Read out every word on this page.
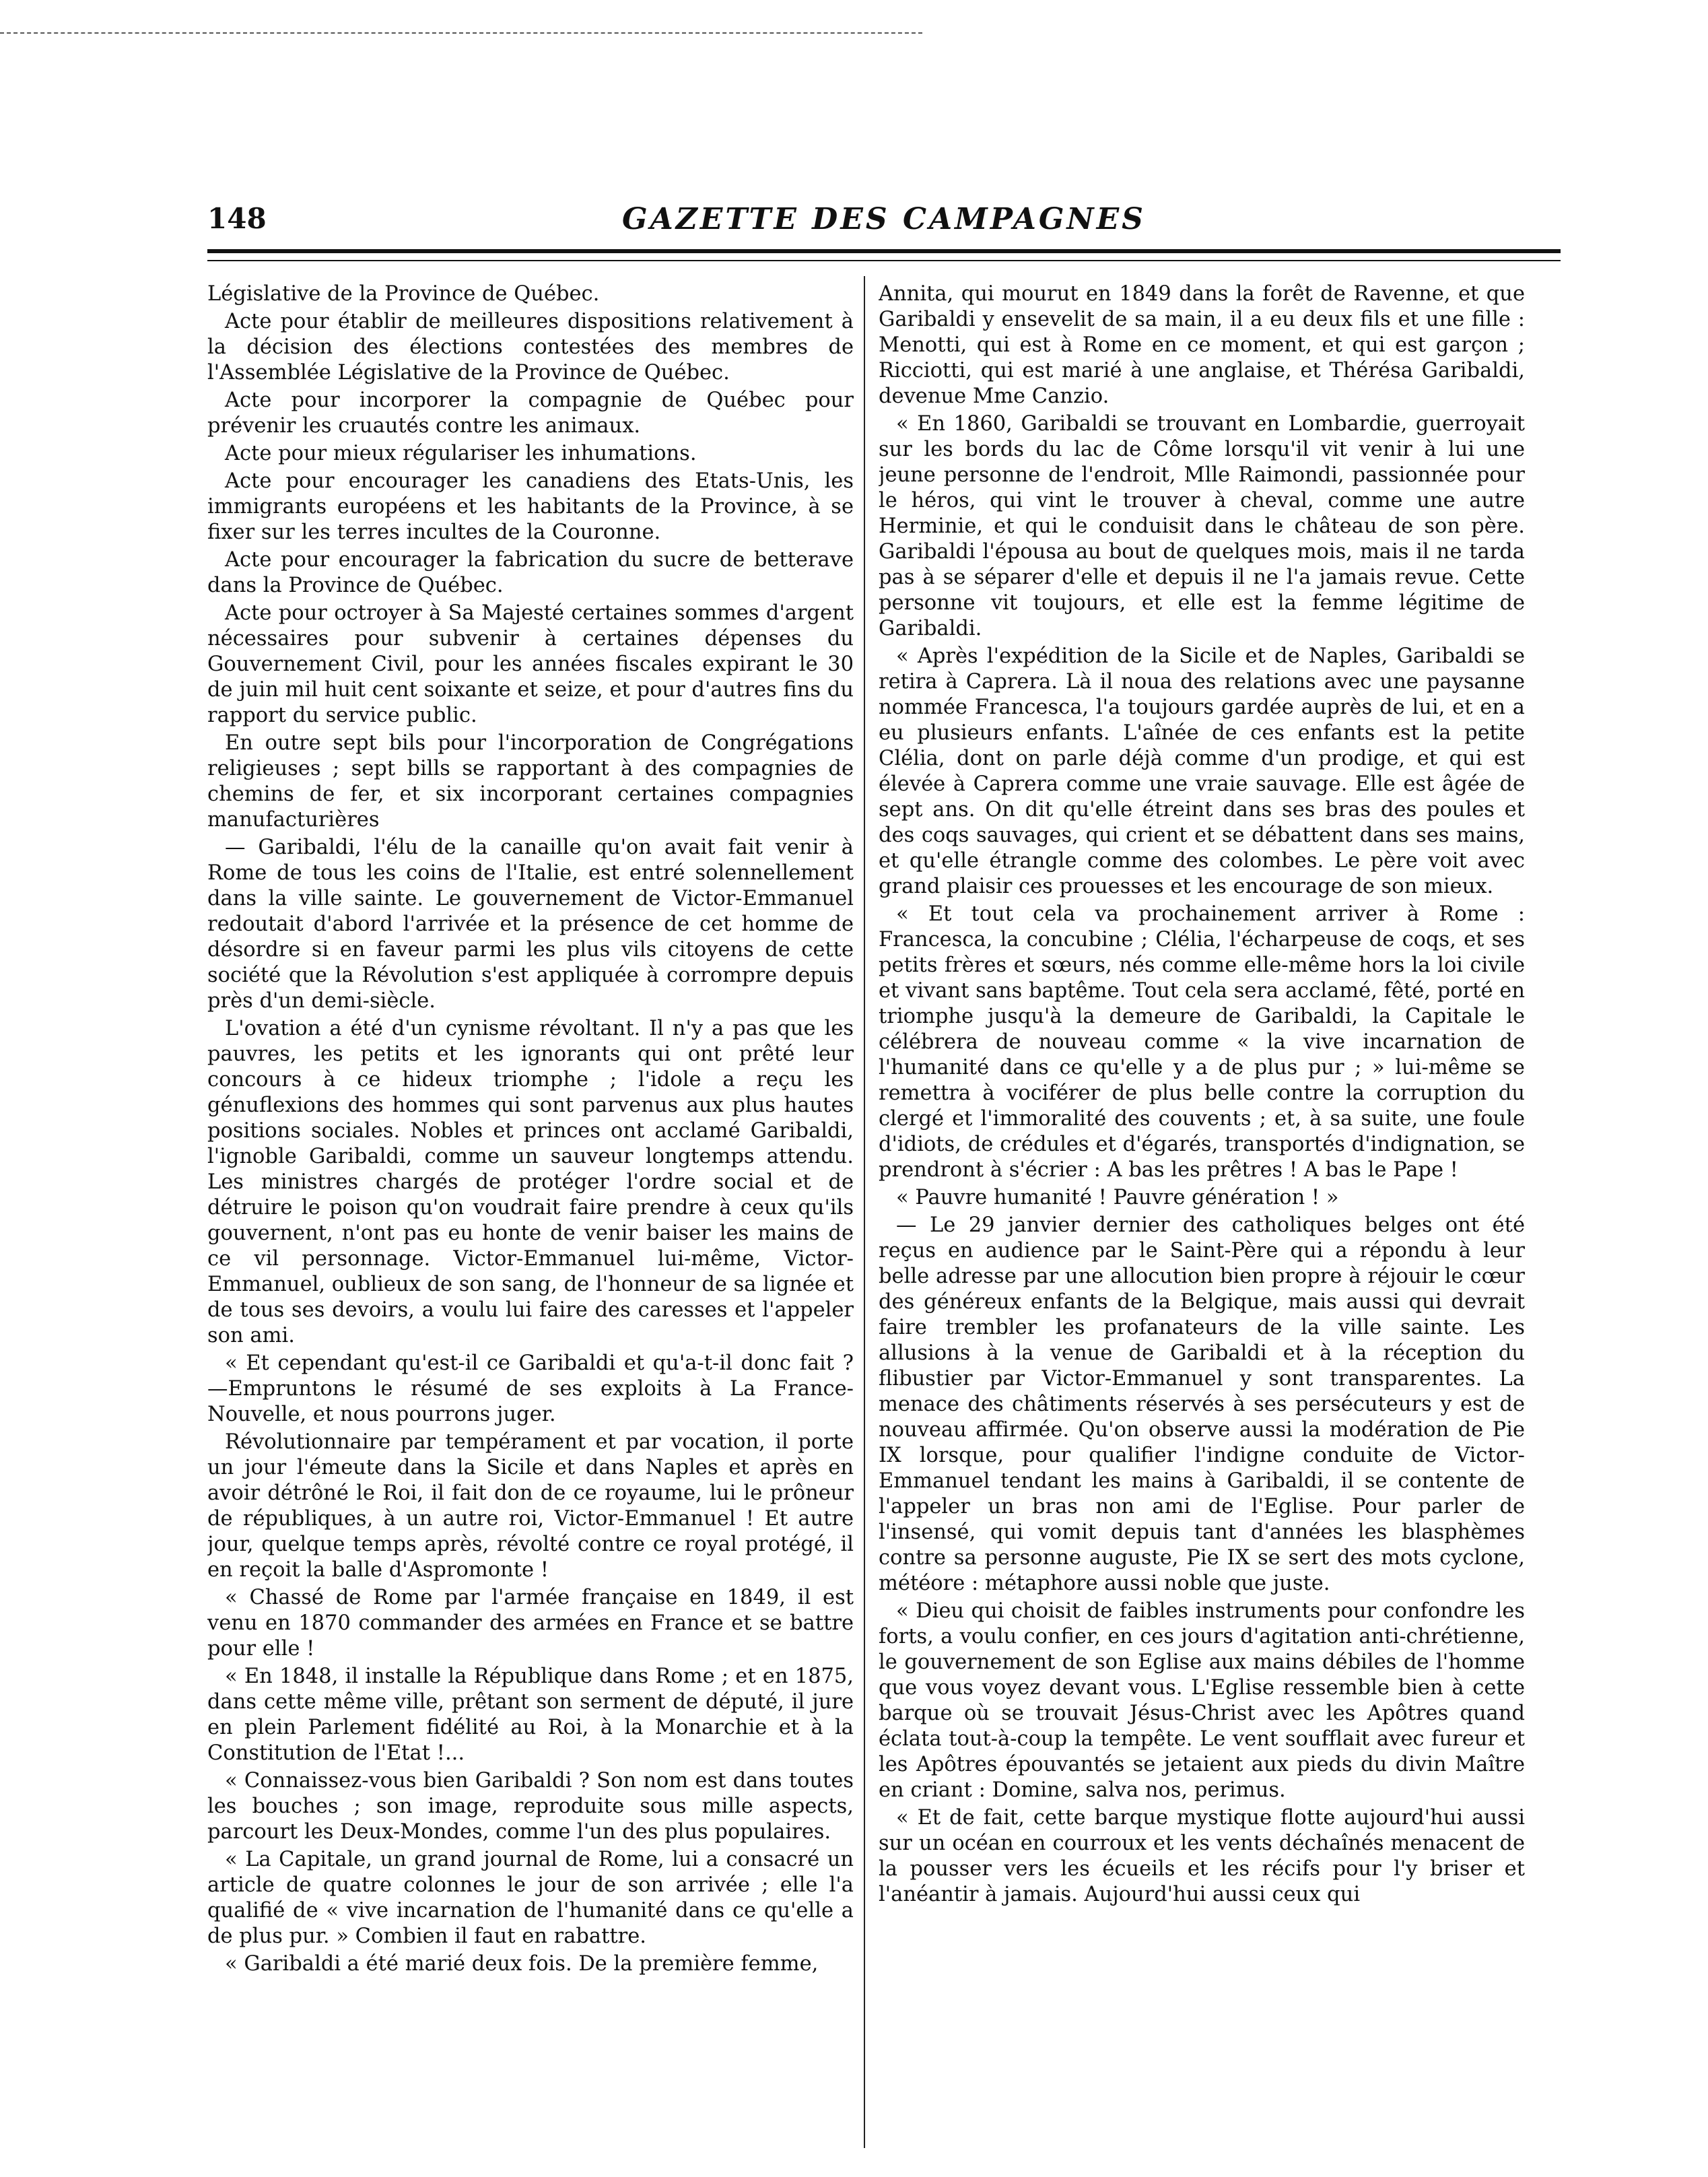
148	GAZETTE DES CAMPAGNES

Législative de la Province de Québec.

Acte pour établir de meilleures dispositions relativement à la décision des élections contestées des membres de l'Assemblée Législative de la Province de Québec.

Acte pour incorporer la compagnie de Québec pour prévenir les cruautés contre les animaux.

Acte pour mieux régulariser les inhumations.

Acte pour encourager les canadiens des Etats-Unis, les immigrants européens et les habitants de la Province, à se fixer sur les terres incultes de la Couronne.

Acte pour encourager la fabrication du sucre de betterave dans la Province de Québec.

Acte pour octroyer à Sa Majesté certaines sommes d'argent nécessaires pour subvenir à certaines dépenses du Gouvernement Civil, pour les années fiscales expirant le 30 de juin mil huit cent soixante et seize, et pour d'autres fins du rapport du service public.

En outre sept bils pour l'incorporation de Congrégations religieuses ; sept bills se rapportant à des compagnies de chemins de fer, et six incorporant certaines compagnies manufacturières

— Garibaldi, l'élu de la canaille qu'on avait fait venir à Rome de tous les coins de l'Italie, est entré solennellement dans la ville sainte. Le gouvernement de Victor-Emmanuel redoutait d'abord l'arrivée et la présence de cet homme de désordre si en faveur parmi les plus vils citoyens de cette société que la Révolution s'est appliquée à corrompre depuis près d'un demi-siècle.

L'ovation a été d'un cynisme révoltant. Il n'y a pas que les pauvres, les petits et les ignorants qui ont prêté leur concours à ce hideux triomphe ; l'idole a reçu les génuflexions des hommes qui sont parvenus aux plus hautes positions sociales. Nobles et princes ont acclamé Garibaldi, l'ignoble Garibaldi, comme un sauveur longtemps attendu. Les ministres chargés de protéger l'ordre social et de détruire le poison qu'on voudrait faire prendre à ceux qu'ils gouvernent, n'ont pas eu honte de venir baiser les mains de ce vil personnage. Victor-Emmanuel lui-même, Victor-Emmanuel, oublieux de son sang, de l'honneur de sa lignée et de tous ses devoirs, a voulu lui faire des caresses et l'appeler son ami.

« Et cependant qu'est-il ce Garibaldi et qu'a-t-il donc fait ? —Empruntons le résumé de ses exploits à La France-Nouvelle, et nous pourrons juger.

Révolutionnaire par tempérament et par vocation, il porte un jour l'émeute dans la Sicile et dans Naples et après en avoir détrôné le Roi, il fait don de ce royaume, lui le prôneur de républiques, à un autre roi, Victor-Emmanuel ! Et autre jour, quelque temps après, révolté contre ce royal protégé, il en reçoit la balle d'Aspromonte !

« Chassé de Rome par l'armée française en 1849, il est venu en 1870 commander des armées en France et se battre pour elle !

« En 1848, il installe la République dans Rome ; et en 1875, dans cette même ville, prêtant son serment de député, il jure en plein Parlement fidélité au Roi, à la Monarchie et à la Constitution de l'Etat !...

« Connaissez-vous bien Garibaldi ? Son nom est dans toutes les bouches ; son image, reproduite sous mille aspects, parcourt les Deux-Mondes, comme l'un des plus populaires.

« La Capitale, un grand journal de Rome, lui a consacré un article de quatre colonnes le jour de son arrivée ; elle l'a qualifié de « vive incarnation de l'humanité dans ce qu'elle a de plus pur. » Combien il faut en rabattre.

« Garibaldi a été marié deux fois. De la première femme,

Annita, qui mourut en 1849 dans la forêt de Ravenne, et que Garibaldi y ensevelit de sa main, il a eu deux fils et une fille : Menotti, qui est à Rome en ce moment, et qui est garçon ; Ricciotti, qui est marié à une anglaise, et Thérésa Garibaldi, devenue Mme Canzio.

« En 1860, Garibaldi se trouvant en Lombardie, guerroyait sur les bords du lac de Côme lorsqu'il vit venir à lui une jeune personne de l'endroit, Mlle Raimondi, passionnée pour le héros, qui vint le trouver à cheval, comme une autre Herminie, et qui le conduisit dans le château de son père. Garibaldi l'épousa au bout de quelques mois, mais il ne tarda pas à se séparer d'elle et depuis il ne l'a jamais revue. Cette personne vit toujours, et elle est la femme légitime de Garibaldi.

« Après l'expédition de la Sicile et de Naples, Garibaldi se retira à Caprera. Là il noua des relations avec une paysanne nommée Francesca, l'a toujours gardée auprès de lui, et en a eu plusieurs enfants. L'aînée de ces enfants est la petite Clélia, dont on parle déjà comme d'un prodige, et qui est élevée à Caprera comme une vraie sauvage. Elle est âgée de sept ans. On dit qu'elle étreint dans ses bras des poules et des coqs sauvages, qui crient et se débattent dans ses mains, et qu'elle étrangle comme des colombes. Le père voit avec grand plaisir ces prouesses et les encourage de son mieux.

« Et tout cela va prochainement arriver à Rome : Francesca, la concubine ; Clélia, l'écharpeuse de coqs, et ses petits frères et sœurs, nés comme elle-même hors la loi civile et vivant sans baptême. Tout cela sera acclamé, fêté, porté en triomphe jusqu'à la demeure de Garibaldi, la Capitale le célébrera de nouveau comme « la vive incarnation de l'humanité dans ce qu'elle y a de plus pur ; » lui-même se remettra à vociférer de plus belle contre la corruption du clergé et l'immoralité des couvents ; et, à sa suite, une foule d'idiots, de crédules et d'égarés, transportés d'indignation, se prendront à s'écrier : A bas les prêtres ! A bas le Pape !

« Pauvre humanité ! Pauvre génération ! »

— Le 29 janvier dernier des catholiques belges ont été reçus en audience par le Saint-Père qui a répondu à leur belle adresse par une allocution bien propre à réjouir le cœur des généreux enfants de la Belgique, mais aussi qui devrait faire trembler les profanateurs de la ville sainte. Les allusions à la venue de Garibaldi et à la réception du flibustier par Victor-Emmanuel y sont transparentes. La menace des châtiments réservés à ses persécuteurs y est de nouveau affirmée. Qu'on observe aussi la modération de Pie IX lorsque, pour qualifier l'indigne conduite de Victor-Emmanuel tendant les mains à Garibaldi, il se contente de l'appeler un bras non ami de l'Eglise. Pour parler de l'insensé, qui vomit depuis tant d'années les blasphèmes contre sa personne auguste, Pie IX se sert des mots cyclone, météore : métaphore aussi noble que juste.

« Dieu qui choisit de faibles instruments pour confondre les forts, a voulu confier, en ces jours d'agitation anti-chrétienne, le gouvernement de son Eglise aux mains débiles de l'homme que vous voyez devant vous. L'Eglise ressemble bien à cette barque où se trouvait Jésus-Christ avec les Apôtres quand éclata tout-à-coup la tempête. Le vent soufflait avec fureur et les Apôtres épouvantés se jetaient aux pieds du divin Maître en criant : Domine, salva nos, perimus.

« Et de fait, cette barque mystique flotte aujourd'hui aussi sur un océan en courroux et les vents déchaînés menacent de la pousser vers les écueils et les récifs pour l'y briser et l'anéantir à jamais. Aujourd'hui aussi ceux qui
